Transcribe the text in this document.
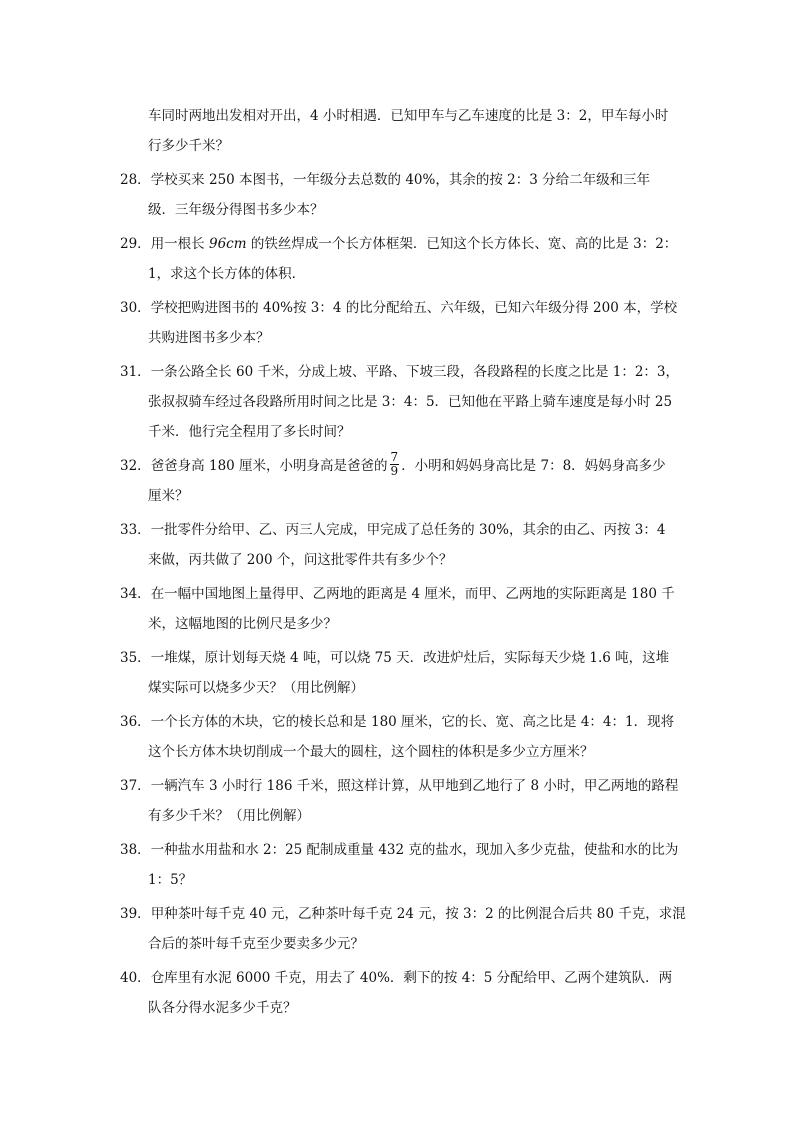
车同时两地出发相对开出，4 小时相遇．已知甲车与乙车速度的比是 3：2，甲车每小时
行多少千米？
28．学校买来 250 本图书，一年级分去总数的 40%，其余的按 2：3 分给二年级和三年
级．三年级分得图书多少本？
29．用一根长 96cm 的铁丝焊成一个长方体框架．已知这个长方体长、宽、高的比是 3：2：
1，求这个长方体的体积．
30．学校把购进图书的 40%按 3：4 的比分配给五、六年级，已知六年级分得 200 本，学校
共购进图书多少本？
31．一条公路全长 60 千米，分成上坡、平路、下坡三段，各段路程的长度之比是 1：2：3，
张叔叔骑车经过各段路所用时间之比是 3：4：5．已知他在平路上骑车速度是每小时 25
千米．他行完全程用了多长时间？
32．爸爸身高 180 厘米，小明身高是爸爸的 $\frac{7}{9}$ ．小明和妈妈身高比是 7：8．妈妈身高多少
厘米？
33．一批零件分给甲、乙、丙三人完成，甲完成了总任务的 30%，其余的由乙、丙按 3：4
来做，丙共做了 200 个，问这批零件共有多少个？
34．在一幅中国地图上量得甲、乙两地的距离是 4 厘米，而甲、乙两地的实际距离是 180 千
米，这幅地图的比例尺是多少？
35．一堆煤，原计划每天烧 4 吨，可以烧 75 天．改进炉灶后，实际每天少烧 1.6 吨，这堆
煤实际可以烧多少天？（用比例解）
36．一个长方体的木块，它的棱长总和是 180 厘米，它的长、宽、高之比是 4：4：1．现将
这个长方体木块切削成一个最大的圆柱，这个圆柱的体积是多少立方厘米？
37．一辆汽车 3 小时行 186 千米，照这样计算，从甲地到乙地行了 8 小时，甲乙两地的路程
有多少千米？（用比例解）
38．一种盐水用盐和水 2：25 配制成重量 432 克的盐水，现加入多少克盐，使盐和水的比为
1：5？
39．甲种茶叶每千克 40 元，乙种茶叶每千克 24 元，按 3：2 的比例混合后共 80 千克，求混
合后的茶叶每千克至少要卖多少元？
40．仓库里有水泥 6000 千克，用去了 40%．剩下的按 4：5 分配给甲、乙两个建筑队．两
队各分得水泥多少千克？
